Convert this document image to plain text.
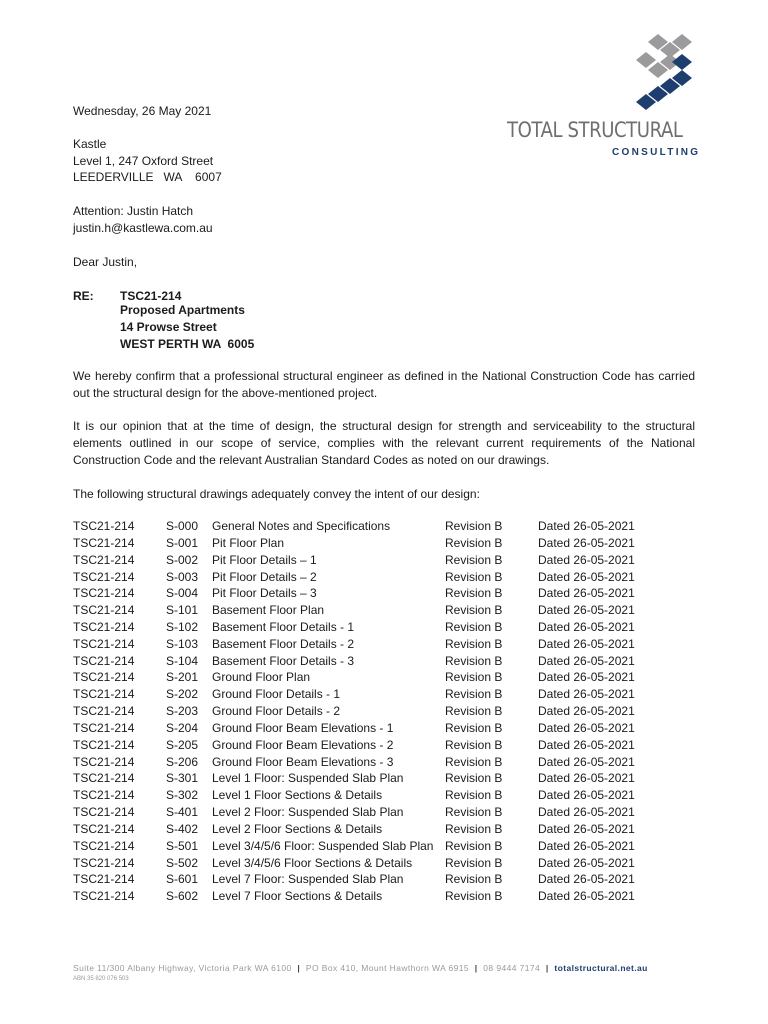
TOTAL STRUCTURAL
CONSULTING
Wednesday, 26 May 2021
Kastle
Level 1, 247 Oxford Street
LEEDERVILLE   WA    6007
Attention: Justin Hatch
justin.h@kastlewa.com.au
Dear Justin,
RE: TSC21-214
Proposed Apartments
14 Prowse Street
WEST PERTH WA  6005
We hereby confirm that a professional structural engineer as defined in the National Construction Code has carried out the structural design for the above-mentioned project.
It is our opinion that at the time of design, the structural design for strength and serviceability to the structural elements outlined in our scope of service, complies with the relevant current requirements of the National Construction Code and the relevant Australian Standard Codes as noted on our drawings.
The following structural drawings adequately convey the intent of our design:
TSC21-214	S-000	General Notes and Specifications	Revision B	Dated 26-05-2021
TSC21-214	S-001	Pit Floor Plan	Revision B	Dated 26-05-2021
TSC21-214	S-002	Pit Floor Details – 1	Revision B	Dated 26-05-2021
TSC21-214	S-003	Pit Floor Details – 2	Revision B	Dated 26-05-2021
TSC21-214	S-004	Pit Floor Details – 3	Revision B	Dated 26-05-2021
TSC21-214	S-101	Basement Floor Plan	Revision B	Dated 26-05-2021
TSC21-214	S-102	Basement Floor Details - 1	Revision B	Dated 26-05-2021
TSC21-214	S-103	Basement Floor Details - 2	Revision B	Dated 26-05-2021
TSC21-214	S-104	Basement Floor Details - 3	Revision B	Dated 26-05-2021
TSC21-214	S-201	Ground Floor Plan	Revision B	Dated 26-05-2021
TSC21-214	S-202	Ground Floor Details - 1	Revision B	Dated 26-05-2021
TSC21-214	S-203	Ground Floor Details - 2	Revision B	Dated 26-05-2021
TSC21-214	S-204	Ground Floor Beam Elevations - 1	Revision B	Dated 26-05-2021
TSC21-214	S-205	Ground Floor Beam Elevations - 2	Revision B	Dated 26-05-2021
TSC21-214	S-206	Ground Floor Beam Elevations - 3	Revision B	Dated 26-05-2021
TSC21-214	S-301	Level 1 Floor: Suspended Slab Plan	Revision B	Dated 26-05-2021
TSC21-214	S-302	Level 1 Floor Sections & Details	Revision B	Dated 26-05-2021
TSC21-214	S-401	Level 2 Floor: Suspended Slab Plan	Revision B	Dated 26-05-2021
TSC21-214	S-402	Level 2 Floor Sections & Details	Revision B	Dated 26-05-2021
TSC21-214	S-501	Level 3/4/5/6 Floor: Suspended Slab Plan	Revision B	Dated 26-05-2021
TSC21-214	S-502	Level 3/4/5/6 Floor Sections & Details	Revision B	Dated 26-05-2021
TSC21-214	S-601	Level 7 Floor: Suspended Slab Plan	Revision B	Dated 26-05-2021
TSC21-214	S-602	Level 7 Floor Sections & Details	Revision B	Dated 26-05-2021
Suite 11/300 Albany Highway, Victoria Park WA 6100 | PO Box 410, Mount Hawthorn WA 6915 | 08 9444 7174 | totalstructural.net.au
ABN 35 820 076 503
